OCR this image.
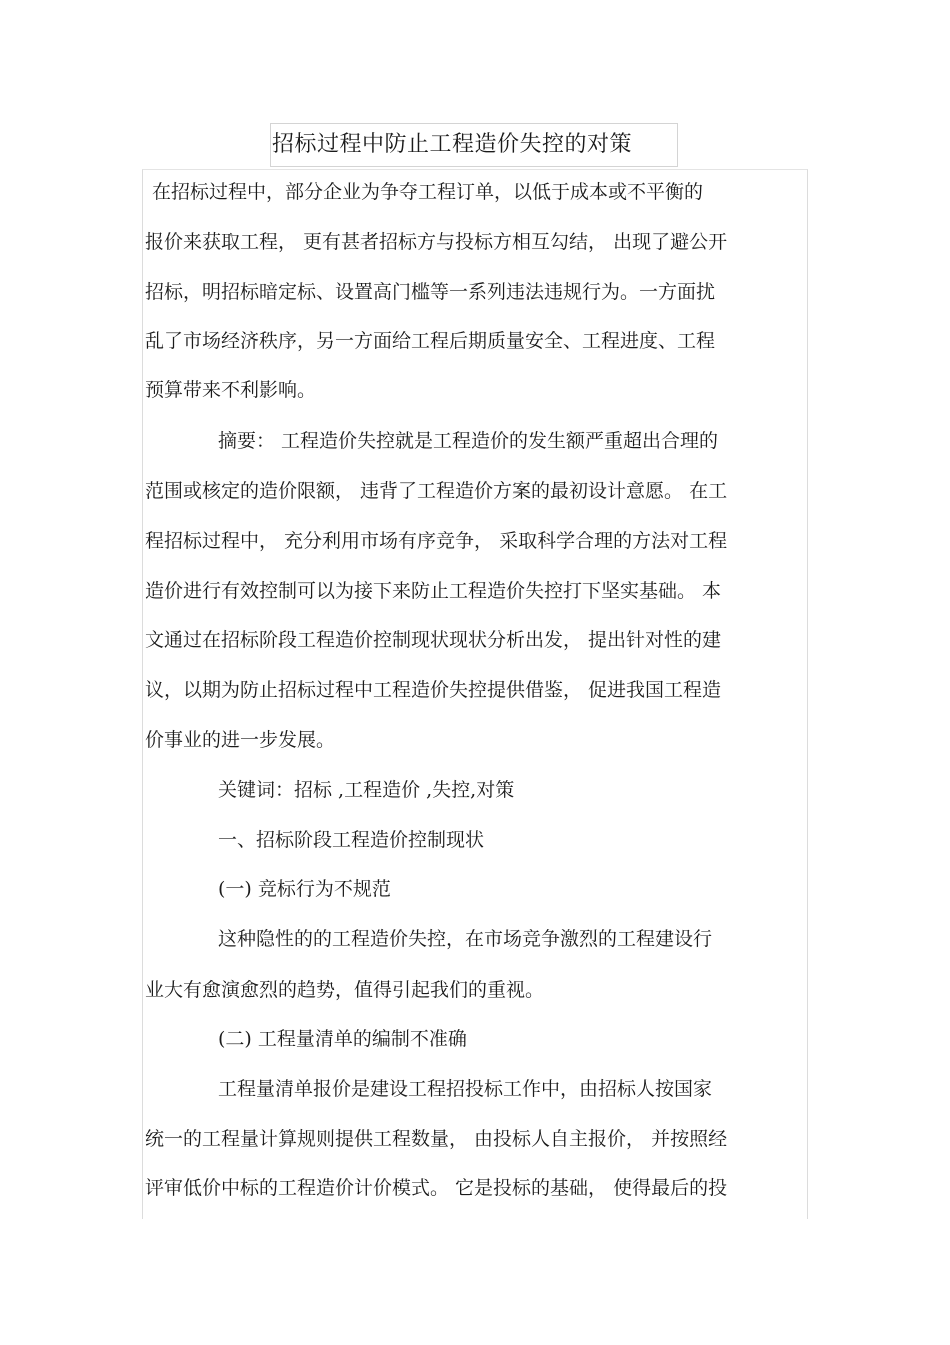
招标过程中防止工程造价失控的对策
在招标过程中，部分企业为争夺工程订单，以低于成本或不平衡的
报价来获取工程， 更有甚者招标方与投标方相互勾结， 出现了避公开
招标，明招标暗定标、设置高门槛等一系列违法违规行为。一方面扰
乱了市场经济秩序，另一方面给工程后期质量安全、工程进度、工程
预算带来不利影响。
摘要： 工程造价失控就是工程造价的发生额严重超出合理的
范围或核定的造价限额， 违背了工程造价方案的最初设计意愿。 在工
程招标过程中， 充分利用市场有序竞争， 采取科学合理的方法对工程
造价进行有效控制可以为接下来防止工程造价失控打下坚实基础。 本
文通过在招标阶段工程造价控制现状现状分析出发， 提出针对性的建
议，以期为防止招标过程中工程造价失控提供借鉴， 促进我国工程造
价事业的进一步发展。
关键词：招标 ,工程造价 ,失控,对策
一、招标阶段工程造价控制现状
(一) 竞标行为不规范
这种隐性的的工程造价失控，在市场竞争激烈的工程建设行
业大有愈演愈烈的趋势，值得引起我们的重视。
(二) 工程量清单的编制不准确
工程量清单报价是建设工程招投标工作中，由招标人按国家
统一的工程量计算规则提供工程数量， 由投标人自主报价， 并按照经
评审低价中标的工程造价计价模式。 它是投标的基础， 使得最后的投
